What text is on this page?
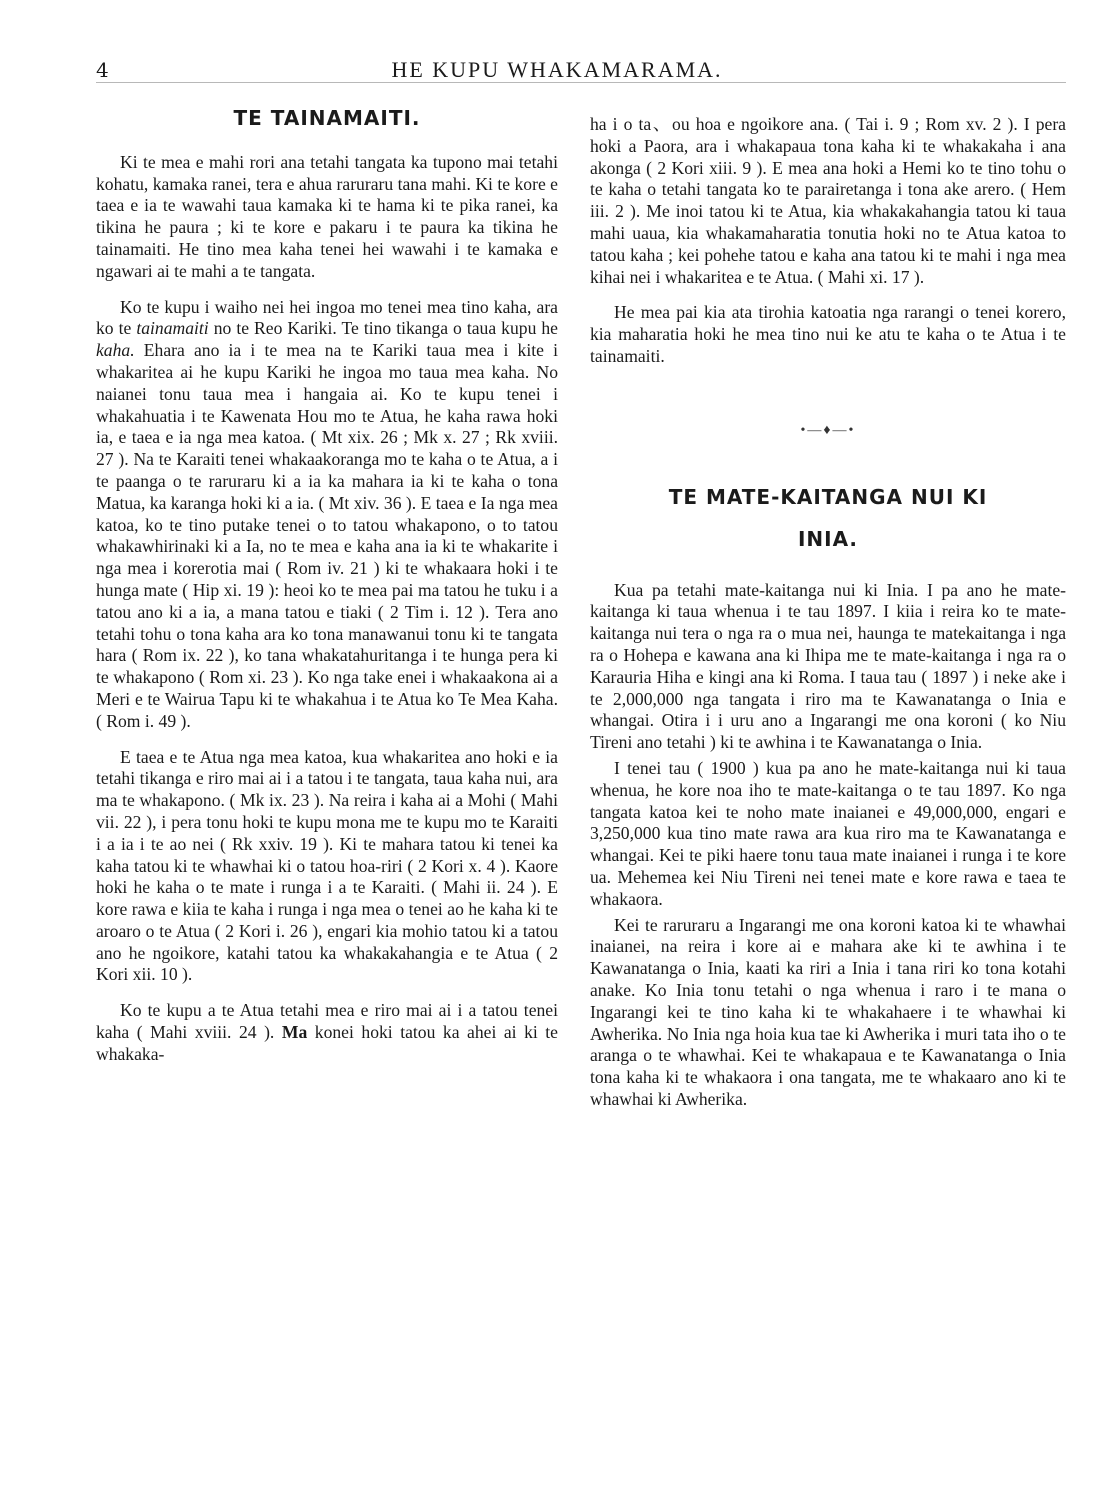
4	HE KUPU WHAKAMARAMA.
TE TAINAMAITI.

Ki te mea e mahi rori ana tetahi tangata ka tupono mai tetahi kohatu, kamaka ranei, tera e ahua raruraru tana mahi. Ki te kore e taea e ia te wawahi taua kamaka ki te hama ki te pika ranei, ka tikina he paura ; ki te kore e pakaru i te paura ka tikina he tainamaiti. He tino mea kaha tenei hei wawahi i te kamaka e ngawari ai te mahi a te tangata.

Ko te kupu i waiho nei hei ingoa mo tenei mea tino kaha, ara ko te tainamaiti no te Reo Kariki. Te tino tikanga o taua kupu he kaha. Ehara ano ia i te mea na te Kariki taua mea i kite i whakaritea ai he kupu Kariki he ingoa mo taua mea kaha. No naianei tonu taua mea i hangaia ai. Ko te kupu tenei i whakahuatia i te Kawenata Hou mo te Atua, he kaha rawa hoki ia, e taea e ia nga mea katoa. ( Mt xix. 26 ; Mk x. 27 ; Rk xviii. 27 ). Na te Karaiti tenei whakaakoranga mo te kaha o te Atua, a i te paanga o te raruraru ki a ia ka mahara ia ki te kaha o tona Matua, ka karanga hoki ki a ia. ( Mt xiv. 36 ). E taea e Ia nga mea katoa, ko te tino putake tenei o to tatou whakapono, o to tatou whakawhirinaki ki a Ia, no te mea e kaha ana ia ki te whakarite i nga mea i korerotia mai ( Rom iv. 21 ) ki te whakaara hoki i te hunga mate ( Hip xi. 19 ): heoi ko te mea pai ma tatou he tuku i a tatou ano ki a ia, a mana tatou e tiaki ( 2 Tim i. 12 ). Tera ano tetahi tohu o tona kaha ara ko tona manawanui tonu ki te tangata hara ( Rom ix. 22 ), ko tana whakatahuritanga i te hunga pera ki te whakapono ( Rom xi. 23 ). Ko nga take enei i whakaakona ai a Meri e te Wairua Tapu ki te whakahua i te Atua ko Te Mea Kaha. ( Rom i. 49 ).

E taea e te Atua nga mea katoa, kua whakaritea ano hoki e ia tetahi tikanga e riro mai ai i a tatou i te tangata, taua kaha nui, ara ma te whakapono. ( Mk ix. 23 ). Na reira i kaha ai a Mohi ( Mahi vii. 22 ), i pera tonu hoki te kupu mona me te kupu mo te Karaiti i a ia i te ao nei ( Rk xxiv. 19 ). Ki te mahara tatou ki tenei ka kaha tatou ki te whawhai ki o tatou hoa-riri ( 2 Kori x. 4 ). Kaore hoki he kaha o te mate i runga i a te Karaiti. ( Mahi ii. 24 ). E kore rawa e kiia te kaha i runga i nga mea o tenei ao he kaha ki te aroaro o te Atua ( 2 Kori i. 26 ), engari kia mohio tatou ki a tatou ano he ngoikore, katahi tatou ka whakakahangia e te Atua ( 2 Kori xii. 10 ).

Ko te kupu a te Atua tetahi mea e riro mai ai i a tatou tenei kaha ( Mahi xviii. 24 ). Ma konei hoki tatou ka ahei ai ki te whakaka-

ha i o ta、ou hoa e ngoikore ana. ( Tai i. 9 ; Rom xv. 2 ). I pera hoki a Paora, ara i whakapaua tona kaha ki te whakakaha i ana akonga ( 2 Kori xiii. 9 ). E mea ana hoki a Hemi ko te tino tohu o te kaha o tetahi tangata ko te parairetanga i tona ake arero. ( Hem iii. 2 ). Me inoi tatou ki te Atua, kia whakakahangia tatou ki taua mahi uaua, kia whakamaharatia tonutia hoki no te Atua katoa to tatou kaha ; kei pohehe tatou e kaha ana tatou ki te mahi i nga mea kihai nei i whakaritea e te Atua. ( Mahi xi. 17 ).

He mea pai kia ata tirohia katoatia nga rarangi o tenei korero, kia maharatia hoki he mea tino nui ke atu te kaha o te Atua i te tainamaiti.

•—♦—•
TE MATE-KAITANGA NUI KI
INIA.

Kua pa tetahi mate-kaitanga nui ki Inia. I pa ano he mate-kaitanga ki taua whenua i te tau 1897. I kiia i reira ko te mate-kaitanga nui tera o nga ra o mua nei, haunga te matekaitanga i nga ra o Hohepa e kawana ana ki Ihipa me te mate-kaitanga i nga ra o Karauria Hiha e kingi ana ki Roma. I taua tau ( 1897 ) i neke ake i te 2,000,000 nga tangata i riro ma te Kawanatanga o Inia e whangai. Otira i i uru ano a Ingarangi me ona koroni ( ko Niu Tireni ano tetahi ) ki te awhina i te Kawanatanga o Inia.

I tenei tau ( 1900 ) kua pa ano he mate-kaitanga nui ki taua whenua, he kore noa iho te mate-kaitanga o te tau 1897. Ko nga tangata katoa kei te noho mate inaianei e 49,000,000, engari e 3,250,000 kua tino mate rawa ara kua riro ma te Kawanatanga e whangai. Kei te piki haere tonu taua mate inaianei i runga i te kore ua. Mehemea kei Niu Tireni nei tenei mate e kore rawa e taea te whakaora.

Kei te raruraru a Ingarangi me ona koroni katoa ki te whawhai inaianei, na reira i kore ai e mahara ake ki te awhina i te Kawanatanga o Inia, kaati ka riri a Inia i tana riri ko tona kotahi anake. Ko Inia tonu tetahi o nga whenua i raro i te mana o Ingarangi kei te tino kaha ki te whakahaere i te whawhai ki Awherika. No Inia nga hoia kua tae ki Awherika i muri tata iho o te aranga o te whawhai. Kei te whakapaua e te Kawanatanga o Inia tona kaha ki te whakaora i ona tangata, me te whakaaro ano ki te whawhai ki Awherika.
